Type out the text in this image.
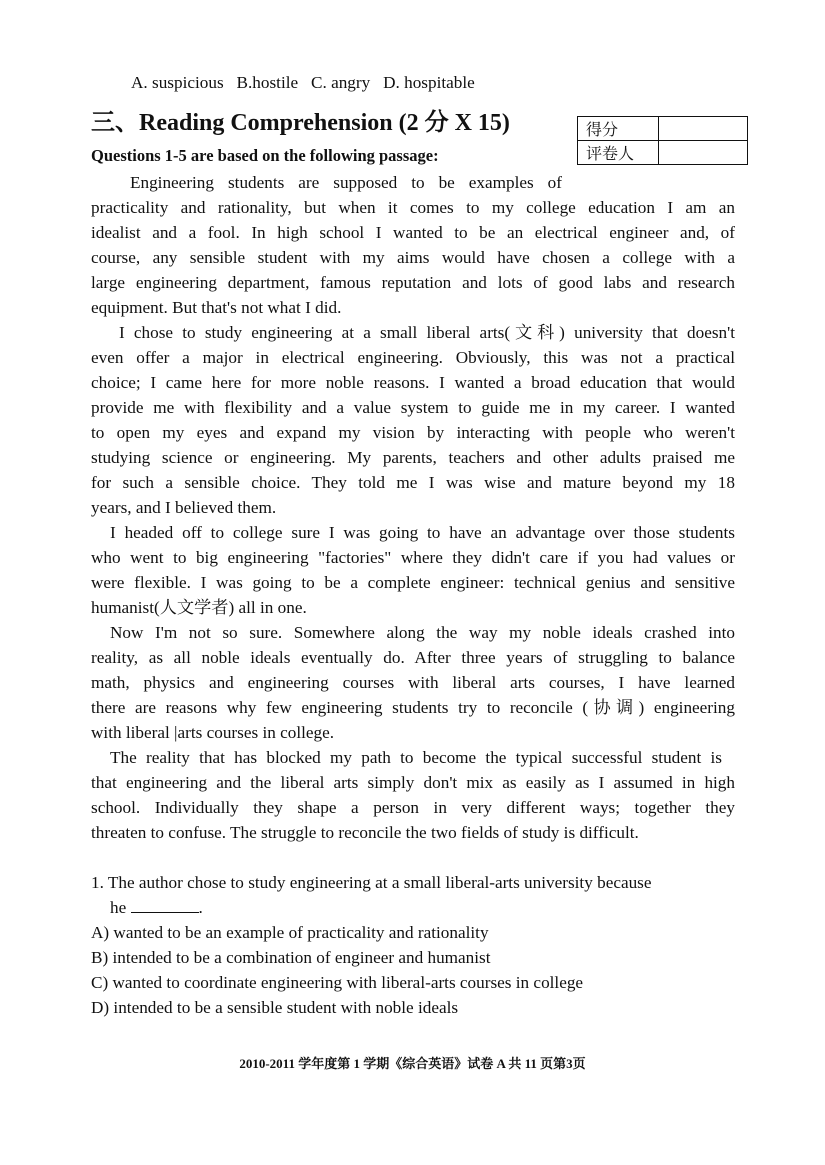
A. suspicious B.hostile C. angry D. hospitable
三、Reading Comprehension (2 分 X 15)	得分	
评卷人	
Questions 1-5 are based on the following passage:
Engineering students are supposed to be examples of
practicality and rationality, but when it comes to my college education I am an
idealist and a fool. In high school I wanted to be an electrical engineer and, of
course, any sensible student with my aims would have chosen a college with a
large engineering department, famous reputation and lots of good labs and research
equipment. But that's not what I did.
I chose to study engineering at a small liberal arts(文科) university that doesn't
even offer a major in electrical engineering. Obviously, this was not a practical
choice; I came here for more noble reasons. I wanted a broad education that would
provide me with flexibility and a value system to guide me in my career. I wanted
to open my eyes and expand my vision by interacting with people who weren't
studying science or engineering. My parents, teachers and other adults praised me
for such a sensible choice. They told me I was wise and mature beyond my 18
years, and I believed them.
I headed off to college sure I was going to have an advantage over those students
who went to big engineering "factories" where they didn't care if you had values or
were flexible. I was going to be a complete engineer: technical genius and sensitive
humanist(人文学者) all in one.
Now I'm not so sure. Somewhere along the way my noble ideals crashed into
reality, as all noble ideals eventually do. After three years of struggling to balance
math, physics and engineering courses with liberal arts courses, I have learned
there are reasons why few engineering students try to reconcile (协调) engineering
with liberal |arts courses in college.
The reality that has blocked my path to become the typical successful student is
that engineering and the liberal arts simply don't mix as easily as I assumed in high
school. Individually they shape a person in very different ways; together they
threaten to confuse. The struggle to reconcile the two fields of study is difficult.
1. The author chose to study engineering at a small liberal-arts university because
he	.
A) wanted to be an example of practicality and rationality
B) intended to be a combination of engineer and humanist
C) wanted to coordinate engineering with liberal-arts courses in college
D) intended to be a sensible student with noble ideals
2010-2011 学年度第 1 学期《综合英语》试卷 A 共 11 页第3页
